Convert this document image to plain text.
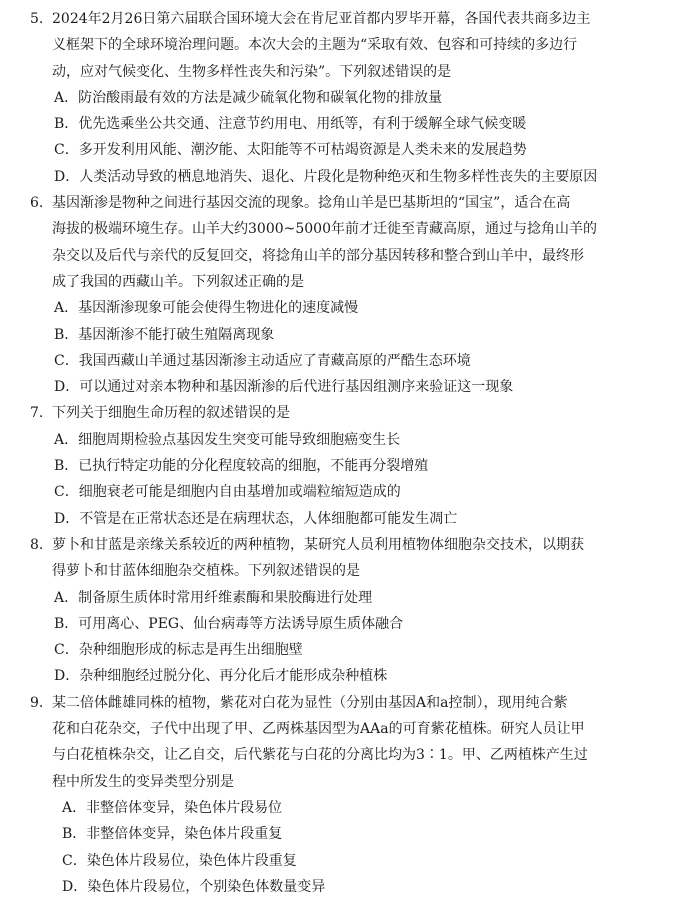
5. 2024年2月26日第六届联合国环境大会在肯尼亚首都内罗毕开幕，各国代表共商多边主
义框架下的全球环境治理问题。本次大会的主题为“采取有效、包容和可持续的多边行
动，应对气候变化、生物多样性丧失和污染”。下列叙述错误的是
A．防治酸雨最有效的方法是减少硫氧化物和碳氧化物的排放量
B．优先选乘坐公共交通、注意节约用电、用纸等，有利于缓解全球气候变暖
C．多开发利用风能、潮汐能、太阳能等不可枯竭资源是人类未来的发展趋势
D．人类活动导致的栖息地消失、退化、片段化是物种绝灭和生物多样性丧失的主要原因
6. 基因渐渗是物种之间进行基因交流的现象。捻角山羊是巴基斯坦的“国宝”，适合在高
海拔的极端环境生存。山羊大约3000~5000年前才迁徙至青藏高原，通过与捻角山羊的
杂交以及后代与亲代的反复回交，将捻角山羊的部分基因转移和整合到山羊中，最终形
成了我国的西藏山羊。下列叙述正确的是
A．基因渐渗现象可能会使得生物进化的速度减慢
B．基因渐渗不能打破生殖隔离现象
C．我国西藏山羊通过基因渐渗主动适应了青藏高原的严酷生态环境
D．可以通过对亲本物种和基因渐渗的后代进行基因组测序来验证这一现象
7. 下列关于细胞生命历程的叙述错误的是
A．细胞周期检验点基因发生突变可能导致细胞癌变生长
B．已执行特定功能的分化程度较高的细胞，不能再分裂增殖
C．细胞衰老可能是细胞内自由基增加或端粒缩短造成的
D．不管是在正常状态还是在病理状态，人体细胞都可能发生凋亡
8. 萝卜和甘蓝是亲缘关系较近的两种植物，某研究人员利用植物体细胞杂交技术，以期获
得萝卜和甘蓝体细胞杂交植株。下列叙述错误的是
A．制备原生质体时常用纤维素酶和果胶酶进行处理
B．可用离心、PEG、仙台病毒等方法诱导原生质体融合
C．杂种细胞形成的标志是再生出细胞壁
D．杂种细胞经过脱分化、再分化后才能形成杂种植株
9. 某二倍体雌雄同株的植物，紫花对白花为显性（分别由基因A和a控制），现用纯合紫
花和白花杂交，子代中出现了甲、乙两株基因型为AAa的可育紫花植株。研究人员让甲
与白花植株杂交，让乙自交，后代紫花与白花的分离比均为3∶1。甲、乙两植株产生过
程中所发生的变异类型分别是
A．非整倍体变异，染色体片段易位
B．非整倍体变异，染色体片段重复
C．染色体片段易位，染色体片段重复
D．染色体片段易位，个别染色体数量变异
